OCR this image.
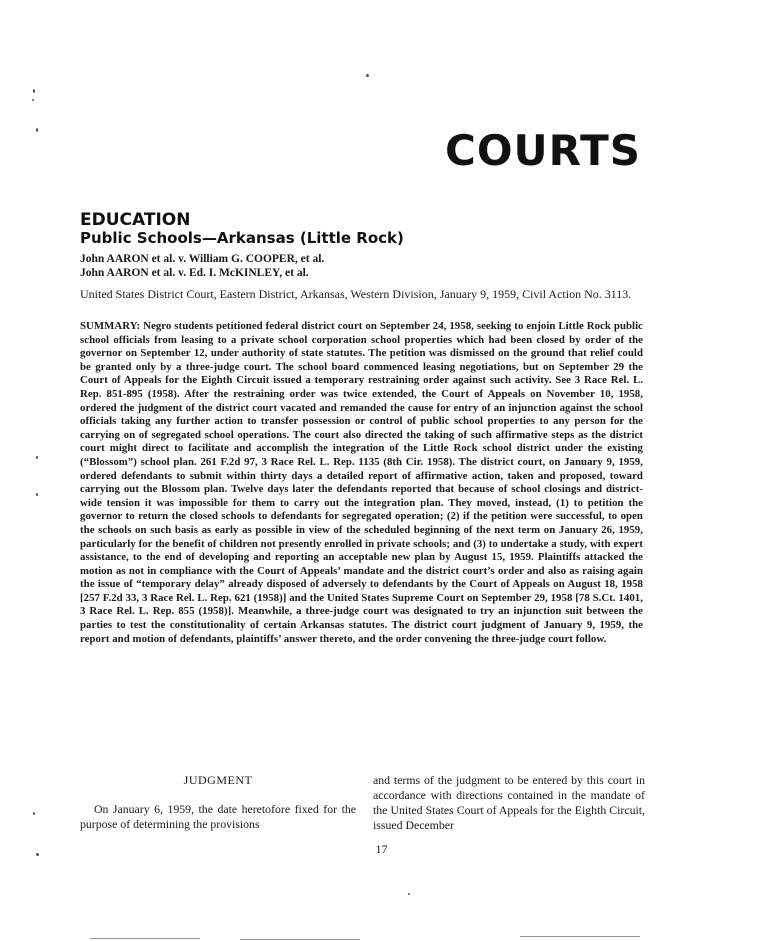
COURTS
EDUCATION
Public Schools—Arkansas (Little Rock)
John AARON et al. v. William G. COOPER, et al.
John AARON et al. v. Ed. I. McKINLEY, et al.
United States District Court, Eastern District, Arkansas, Western Division, January 9, 1959, Civil Action No. 3113.
SUMMARY: Negro students petitioned federal district court on September 24, 1958, seeking to enjoin Little Rock public school officials from leasing to a private school corporation school properties which had been closed by order of the governor on September 12, under authority of state statutes. The petition was dismissed on the ground that relief could be granted only by a three-judge court. The school board commenced leasing negotiations, but on September 29 the Court of Appeals for the Eighth Circuit issued a temporary restraining order against such activity. See 3 Race Rel. L. Rep. 851-895 (1958). After the restraining order was twice extended, the Court of Appeals on November 10, 1958, ordered the judgment of the district court vacated and remanded the cause for entry of an injunction against the school officials taking any further action to transfer possession or control of public school properties to any person for the carrying on of segregated school operations. The court also directed the taking of such affirmative steps as the district court might direct to facilitate and accomplish the integration of the Little Rock school district under the existing (“Blossom”) school plan. 261 F.2d 97, 3 Race Rel. L. Rep. 1135 (8th Cir. 1958). The district court, on January 9, 1959, ordered defendants to submit within thirty days a detailed report of affirmative action, taken and proposed, toward carrying out the Blossom plan. Twelve days later the defendants reported that because of school closings and district-wide tension it was impossible for them to carry out the integration plan. They moved, instead, (1) to petition the governor to return the closed schools to defendants for segregated operation; (2) if the petition were successful, to open the schools on such basis as early as possible in view of the scheduled beginning of the next term on January 26, 1959, particularly for the benefit of children not presently enrolled in private schools; and (3) to undertake a study, with expert assistance, to the end of developing and reporting an acceptable new plan by August 15, 1959. Plaintiffs attacked the motion as not in compliance with the Court of Appeals’ mandate and the district court’s order and also as raising again the issue of “temporary delay” already disposed of adversely to defendants by the Court of Appeals on August 18, 1958 [257 F.2d 33, 3 Race Rel. L. Rep. 621 (1958)] and the United States Supreme Court on September 29, 1958 [78 S.Ct. 1401, 3 Race Rel. L. Rep. 855 (1958)]. Meanwhile, a three-judge court was designated to try an injunction suit between the parties to test the constitutionality of certain Arkansas statutes. The district court judgment of January 9, 1959, the report and motion of defendants, plaintiffs’ answer thereto, and the order convening the three-judge court follow.
JUDGMENT

On January 6, 1959, the date heretofore fixed for the purpose of determining the provisions

and terms of the judgment to be entered by this court in accordance with directions contained in the mandate of the United States Court of Appeals for the Eighth Circuit, issued December

17
